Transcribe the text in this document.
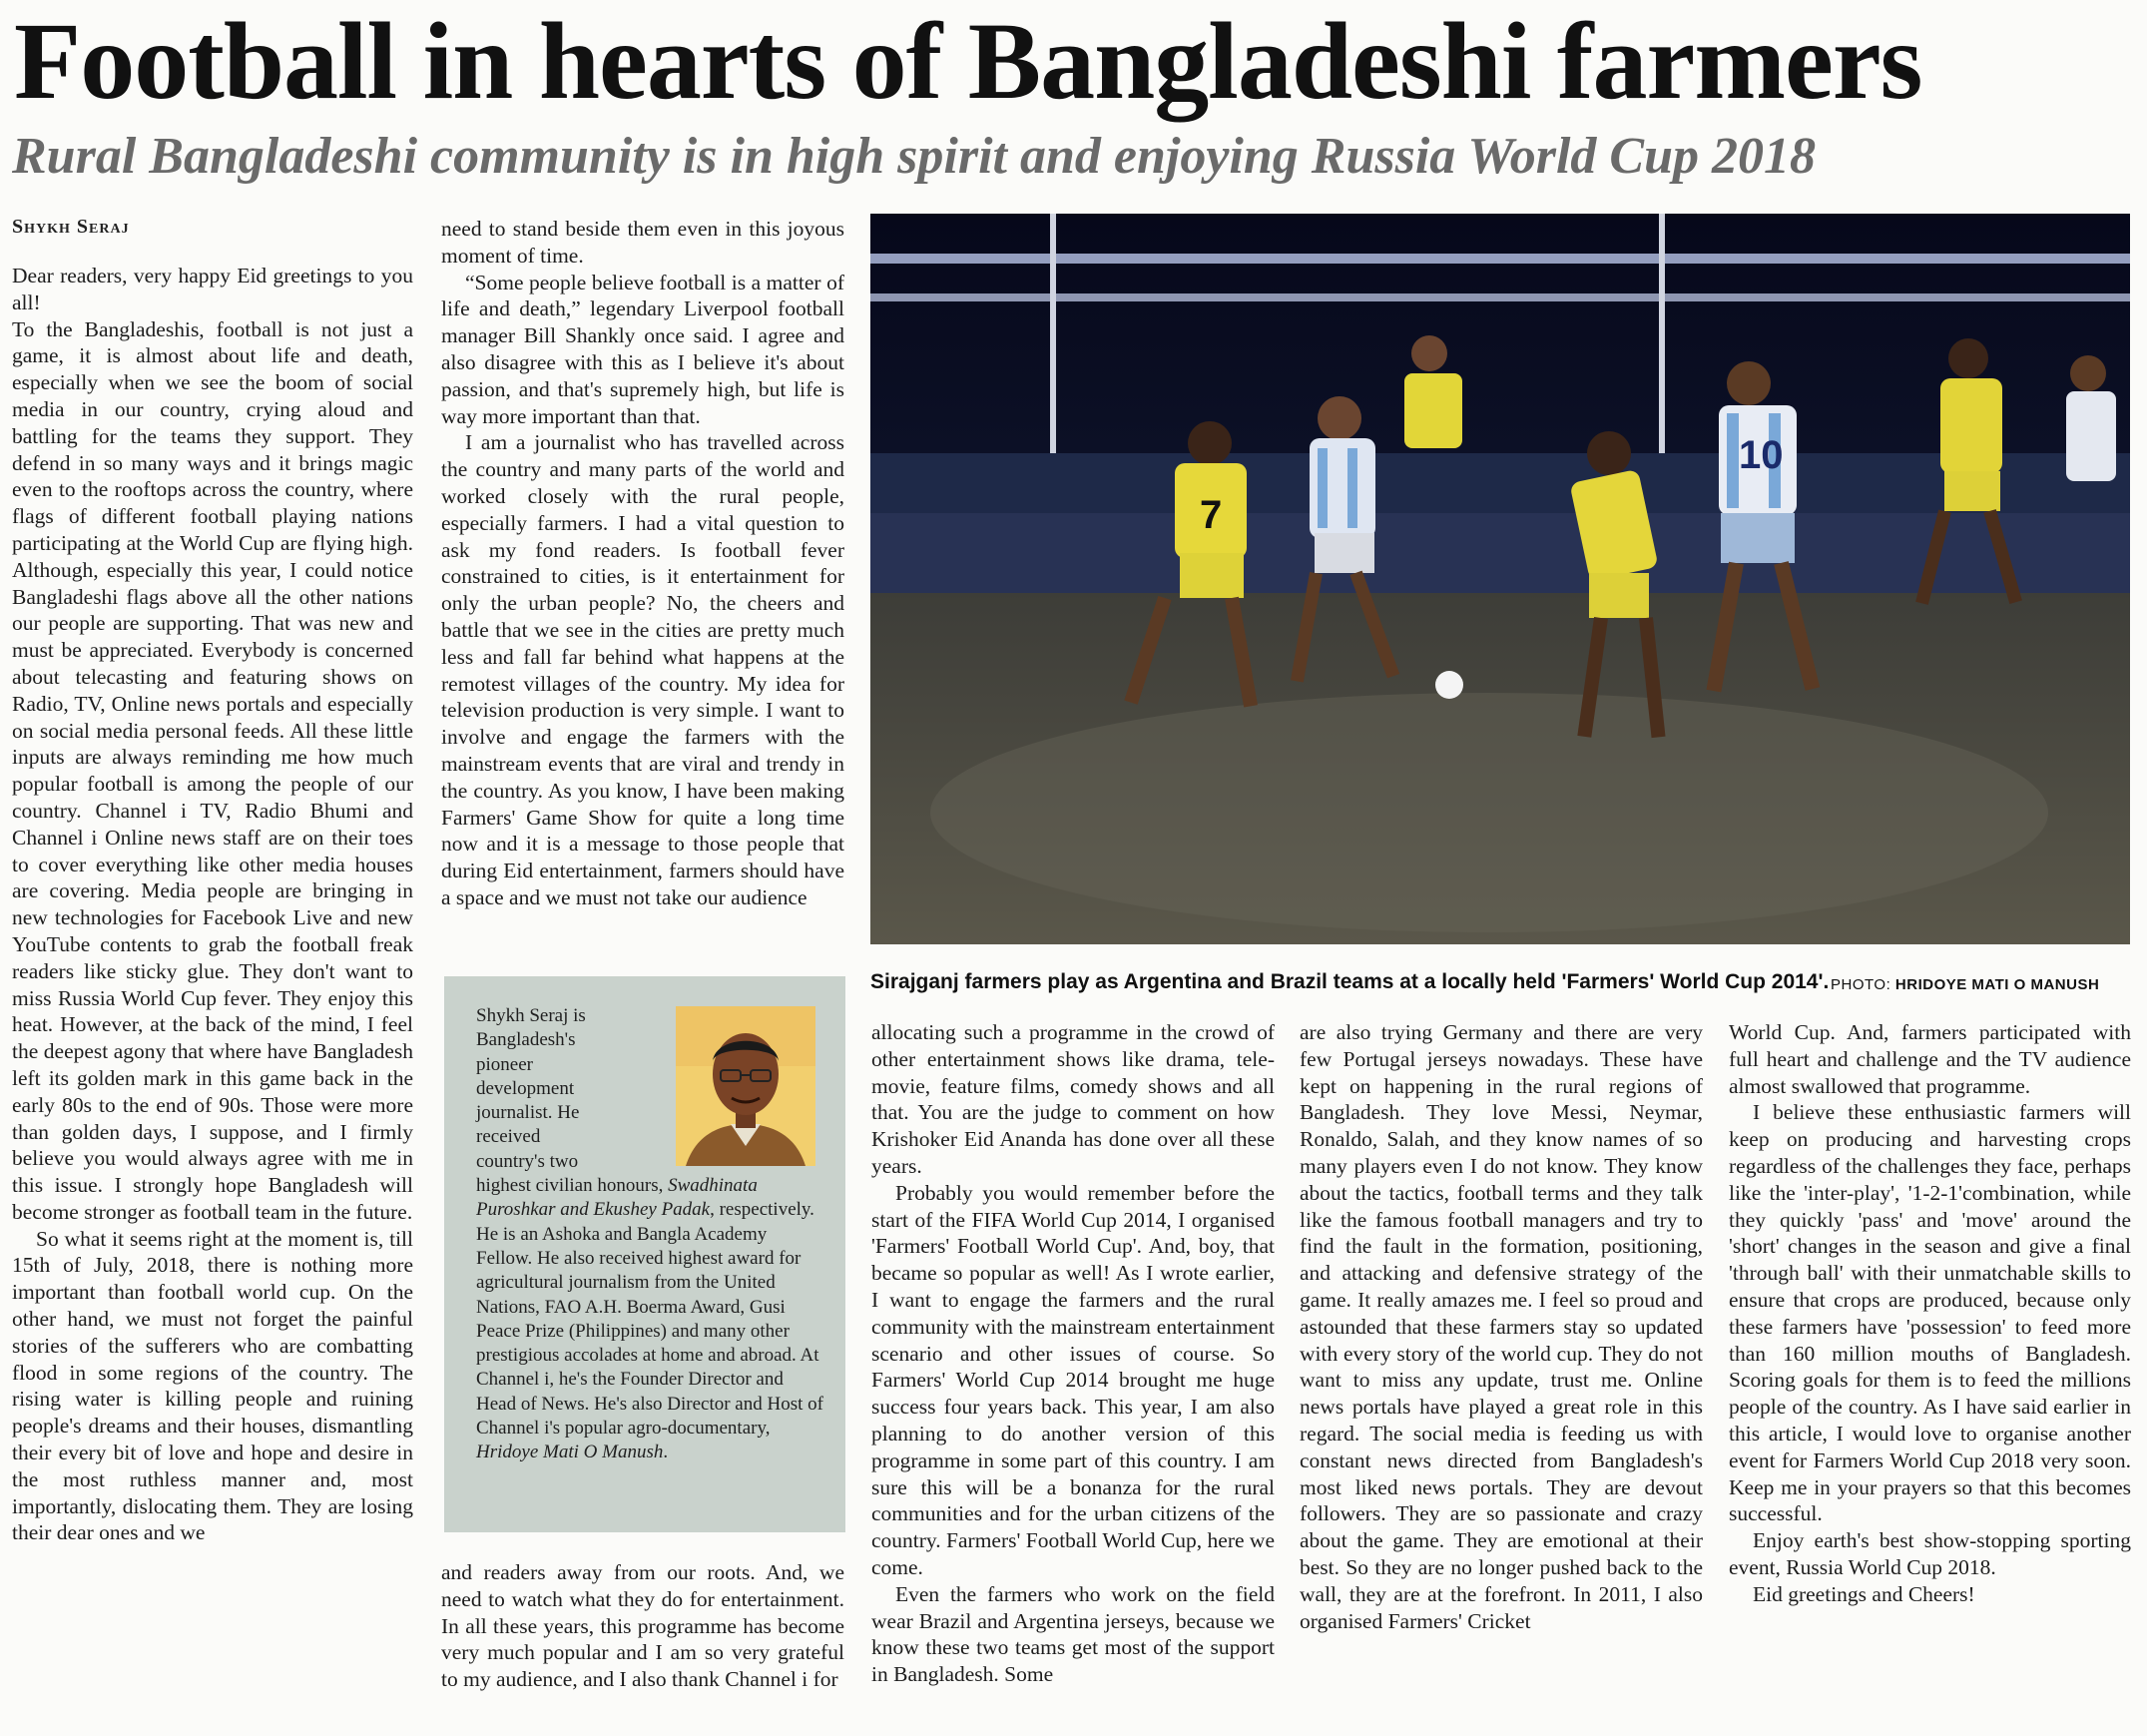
Football in hearts of Bangladeshi farmers
Rural Bangladeshi community is in high spirit and enjoying Russia World Cup 2018
Shykh Seraj

Dear readers, very happy Eid greetings to you all!

To the Bangladeshis, football is not just a game, it is almost about life and death, especially when we see the boom of social media in our country, crying aloud and battling for the teams they support. They defend in so many ways and it brings magic even to the rooftops across the country, where flags of different football playing nations participating at the World Cup are flying high. Although, especially this year, I could notice Bangladeshi flags above all the other nations our people are supporting. That was new and must be appreciated. Everybody is concerned about telecasting and featuring shows on Radio, TV, Online news portals and especially on social media personal feeds. All these little inputs are always reminding me how much popular football is among the people of our country. Channel i TV, Radio Bhumi and Channel i Online news staff are on their toes to cover everything like other media houses are covering. Media people are bringing in new technologies for Facebook Live and new YouTube contents to grab the football freak readers like sticky glue. They don't want to miss Russia World Cup fever. They enjoy this heat. However, at the back of the mind, I feel the deepest agony that where have Bangladesh left its golden mark in this game back in the early 80s to the end of 90s. Those were more than golden days, I suppose, and I firmly believe you would always agree with me in this issue. I strongly hope Bangladesh will become stronger as football team in the future.

So what it seems right at the moment is, till 15th of July, 2018, there is nothing more important than football world cup. On the other hand, we must not forget the painful stories of the sufferers who are combatting flood in some regions of the country. The rising water is killing people and ruining people's dreams and their houses, dismantling their every bit of love and hope and desire in the most ruthless manner and, most importantly, dislocating them. They are losing their dear ones and we

need to stand beside them even in this joyous moment of time.

“Some people believe football is a matter of life and death,” legendary Liverpool football manager Bill Shankly once said. I agree and also disagree with this as I believe it's about passion, and that's supremely high, but life is way more important than that.

I am a journalist who has travelled across the country and many parts of the world and worked closely with the rural people, especially farmers. I had a vital question to ask my fond readers. Is football fever constrained to cities, is it entertainment for only the urban people? No, the cheers and battle that we see in the cities are pretty much less and fall far behind what happens at the remotest villages of the country. My idea for television production is very simple. I want to involve and engage the farmers with the mainstream events that are viral and trendy in the country. As you know, I have been making Farmers' Game Show for quite a long time now and it is a message to those people that during Eid entertainment, farmers should have a space and we must not take our audience

Shykh Seraj is Bangladesh's pioneer development journalist. He received country's two highest civilian honours, Swadhinata Puroshkar and Ekushey Padak, respectively. He is an Ashoka and Bangla Academy Fellow. He also received highest award for agricultural journalism from the United Nations, FAO A.H. Boerma Award, Gusi Peace Prize (Philippines) and many other prestigious accolades at home and abroad. At Channel i, he's the Founder Director and Head of News. He's also Director and Host of Channel i's popular agro-documentary, Hridoye Mati O Manush.

and readers away from our roots. And, we need to watch what they do for entertainment. In all these years, this programme has become very much popular and I am so very grateful to my audience, and I also thank Channel i for

7
10
Sirajganj farmers play as Argentina and Brazil teams at a locally held 'Farmers' World Cup 2014'. PHOTO: HRIDOYE MATI O MANUSH

allocating such a programme in the crowd of other entertainment shows like drama, tele-movie, feature films, comedy shows and all that. You are the judge to comment on how Krishoker Eid Ananda has done over all these years.

Probably you would remember before the start of the FIFA World Cup 2014, I organised 'Farmers' Football World Cup'. And, boy, that became so popular as well! As I wrote earlier, I want to engage the farmers and the rural community with the mainstream entertainment scenario and other issues of course. So Farmers' World Cup 2014 brought me huge success four years back. This year, I am also planning to do another version of this programme in some part of this country. I am sure this will be a bonanza for the rural communities and for the urban citizens of the country. Farmers' Football World Cup, here we come.

Even the farmers who work on the field wear Brazil and Argentina jerseys, because we know these two teams get most of the support in Bangladesh. Some

are also trying Germany and there are very few Portugal jerseys nowadays. These have kept on happening in the rural regions of Bangladesh. They love Messi, Neymar, Ronaldo, Salah, and they know names of so many players even I do not know. They know about the tactics, football terms and they talk like the famous football managers and try to find the fault in the formation, positioning, and attacking and defensive strategy of the game. It really amazes me. I feel so proud and astounded that these farmers stay so updated with every story of the world cup. They do not want to miss any update, trust me. Online news portals have played a great role in this regard. The social media is feeding us with constant news directed from Bangladesh's most liked news portals. They are devout followers. They are so passionate and crazy about the game. They are emotional at their best. So they are no longer pushed back to the wall, they are at the forefront. In 2011, I also organised Farmers' Cricket

World Cup. And, farmers participated with full heart and challenge and the TV audience almost swallowed that programme.

I believe these enthusiastic farmers will keep on producing and harvesting crops regardless of the challenges they face, perhaps like the 'inter-play', '1-2-1'combination, while they quickly 'pass' and 'move' around the 'short' changes in the season and give a final 'through ball' with their unmatchable skills to ensure that crops are produced, because only these farmers have 'possession' to feed more than 160 million mouths of Bangladesh. Scoring goals for them is to feed the millions people of the country. As I have said earlier in this article, I would love to organise another event for Farmers World Cup 2018 very soon. Keep me in your prayers so that this becomes successful.

Enjoy earth's best show-stopping sporting event, Russia World Cup 2018.

Eid greetings and Cheers!
